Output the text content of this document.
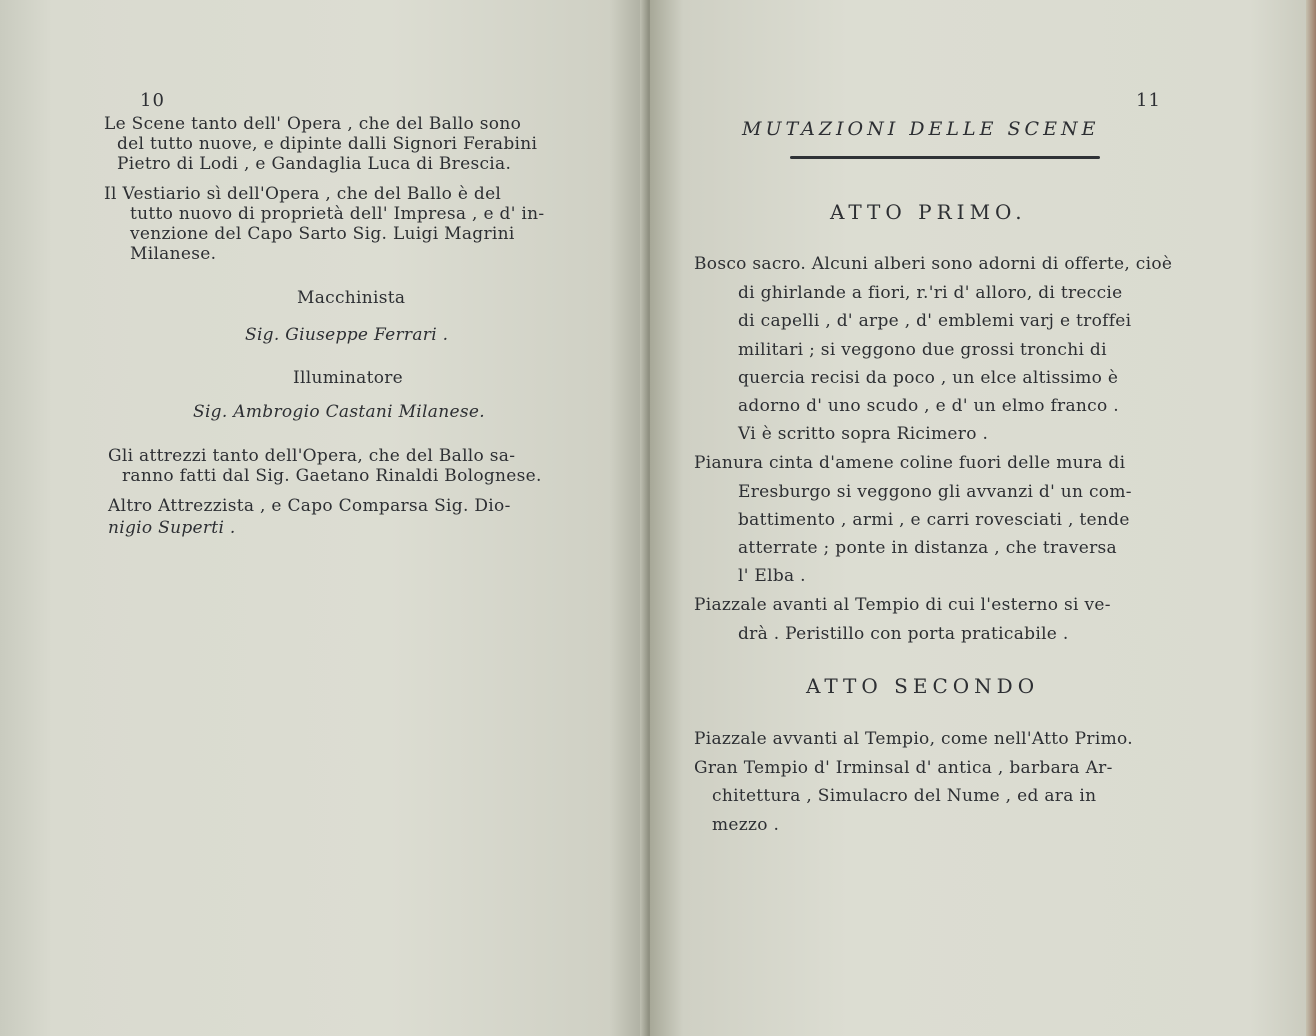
10
Le Scene tanto dell' Opera , che del Ballo sono
del tutto nuove, e dipinte dalli Signori Ferabini
Pietro di Lodi , e Gandaglia Luca di Brescia.
Il Vestiario sì dell'Opera , che del Ballo è del
tutto nuovo di proprietà dell' Impresa , e d' in-
venzione del Capo Sarto Sig. Luigi Magrini
Milanese.
Macchinista
Sig. Giuseppe Ferrari .
Illuminatore
Sig. Ambrogio Castani Milanese.
Gli attrezzi tanto dell'Opera, che del Ballo sa-
ranno fatti dal Sig. Gaetano Rinaldi Bolognese.
Altro Attrezzista , e Capo Comparsa Sig. Dio-
nigio Superti .
11
MUTAZIONI DELLE SCENE
ATTO PRIMO.
Bosco sacro. Alcuni alberi sono adorni di offerte, cioè
di ghirlande a fiori, r.'ri d' alloro, di treccie
di capelli , d' arpe , d' emblemi varj e troffei
militari ; si veggono due grossi tronchi di
quercia recisi da poco , un elce altissimo è
adorno d' uno scudo , e d' un elmo franco .
Vi è scritto sopra Ricimero .
Pianura cinta d'amene coline fuori delle mura di
Eresburgo si veggono gli avvanzi d' un com-
battimento , armi , e carri rovesciati , tende
atterrate ; ponte in distanza , che traversa
l' Elba .
Piazzale avanti al Tempio di cui l'esterno si ve-
drà . Peristillo con porta praticabile .
ATTO SECONDO
Piazzale avvanti al Tempio, come nell'Atto Primo.
Gran Tempio d' Irminsal d' antica , barbara Ar-
chitettura , Simulacro del Nume , ed ara in
mezzo .
